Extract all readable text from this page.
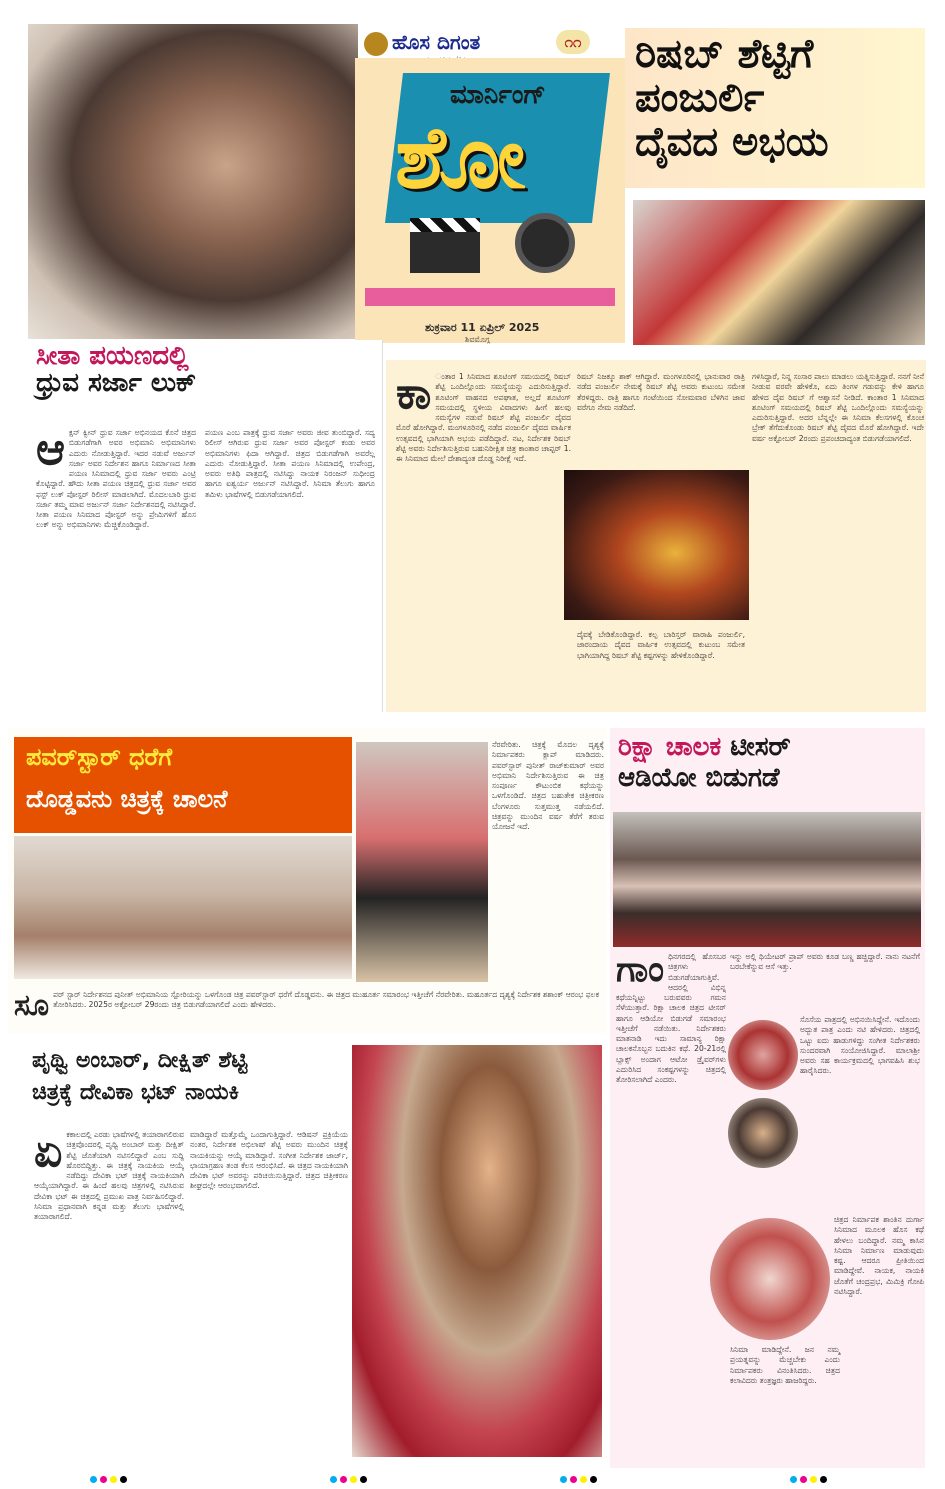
ಹೊಸ ದಿಗಂತ
ಮಾರ್ನಿಂಗ್
ಶೋ
ಶುಕ್ರವಾರ 11 ಏಪ್ರಿಲ್ 2025
ಶಿವಮೊಗ್ಗ
೧೧ ರಿಷಬ್ ಶೆಟ್ಟಿಗೆ
ಪಂಜುರ್ಲಿ
ದೈವದ ಅಭಯ
ಸೀತಾ ಪಯಣದಲ್ಲಿ
ಧ್ರುವ ಸರ್ಜಾ ಲುಕ್
ಆ ಕ್ಷನ್ ಕ್ವೀನ್ ಧ್ರುವ ಸರ್ಜಾ ಅಭಿನಯದ ಕೊನೆ ಚಿತ್ರದ ಬಿಡುಗಡೆಗಾಗಿ ಅವರ ಅಭಿಮಾನಿ ಅಭಿಮಾನಿಗಳು ಎದುರು ನೋಡುತ್ತಿದ್ದಾರೆ. ಇದರ ನಡುವೆ ಅರ್ಜುನ್ ಸರ್ಜಾ ಅವರ ನಿರ್ದೇಶನ ಹಾಗೂ ನಿರ್ಮಾಣದ ಸೀತಾ ಪಯಣ ಸಿನಿಮಾದಲ್ಲಿ ಧ್ರುವ ಸರ್ಜಾ ಅವರು ಎಂಟ್ರಿ ಕೊಟ್ಟಿದ್ದಾರೆ. ಹೌದು ಸೀತಾ ಪಯಣ ಚಿತ್ರದಲ್ಲಿ ಧ್ರುವ ಸರ್ಜಾ ಅವರ ಫಸ್ಟ್ ಲುಕ್ ಪೋಸ್ಟರ್ ರಿಲೀಸ್ ಮಾಡಲಾಗಿದೆ. ಮೊದಲಬಾರಿ ಧ್ರುವ ಸರ್ಜಾ ತಮ್ಮ ಮಾವ ಅರ್ಜುನ್ ಸರ್ಜಾ ನಿರ್ದೇಶನದಲ್ಲಿ ನಟಿಸಿದ್ದಾರೆ. ಸೀತಾ ಪಯಣ ಸಿನಿಮಾದ ಪೋಸ್ಟರ್ ಅನ್ನು ಪ್ರೇಮಿಗಳಿಗೆ ಹೊಸ ಲುಕ್ ಅನ್ನು ಅಭಿಮಾನಿಗಳು ಮೆಚ್ಚಿಕೊಂಡಿದ್ದಾರೆ.
ಪಯಣ ಎಂಬ ಪಾತ್ರಕ್ಕೆ ಧ್ರುವ ಸರ್ಜಾ ಅವರು ಜೀವ ತುಂಬಿದ್ದಾರೆ. ಸದ್ಯ ರಿಲೀಸ್ ಆಗಿರುವ ಧ್ರುವ ಸರ್ಜಾ ಅವರ ಪೋಸ್ಟರ್ ಕಂಡು ಅವರ ಅಭಿಮಾನಿಗಳು ಫಿದಾ ಆಗಿದ್ದಾರೆ. ಚಿತ್ರದ ಬಿಡುಗಡೆಗಾಗಿ ಅವರೆಲ್ಲ ಎದುರು ನೋಡುತ್ತಿದ್ದಾರೆ. ಸೀತಾ ಪಯಣ ಸಿನಿಮಾದಲ್ಲಿ ಉಪೇಂದ್ರ, ಅವರು ಅತಿಥಿ ಪಾತ್ರದಲ್ಲಿ ನಟಿಸಿದ್ದು ನಾಯಕ ನಿರಂಜನ್ ಸುಧೀಂದ್ರ ಹಾಗೂ ಐಶ್ವರ್ಯ ಅರ್ಜುನ್ ನಟಿಸಿದ್ದಾರೆ. ಸಿನಿಮಾ ತೆಲುಗು ಹಾಗೂ ತಮಿಳು ಭಾಷೆಗಳಲ್ಲಿ ಬಿಡುಗಡೆಯಾಗಲಿದೆ.
ಕಾ ಂತಾರ 1 ಸಿನಿಮಾದ ಶೂಟಿಂಗ್ ಸಮಯದಲ್ಲಿ ರಿಷಬ್ ಶೆಟ್ಟಿ ಒಂದಿಲ್ಲೊಂದು ಸಮಸ್ಯೆಯನ್ನು ಎದುರಿಸುತ್ತಿದ್ದಾರೆ. ಶೂಟಿಂಗ್ ವಾಹನದ ಅಪಘಾತ, ಅಲ್ಲದೆ ಶೂಟಿಂಗ್ ಸಮಯದಲ್ಲಿ ಸ್ಥಳೀಯ ವಿವಾದಗಳು ಹೀಗೆ ಹಲವು ಸಮಸ್ಯೆಗಳ ನಡುವೆ ರಿಷಬ್ ಶೆಟ್ಟಿ ಪಂಜುರ್ಲಿ ದೈವದ ಮೊರೆ ಹೋಗಿದ್ದಾರೆ. ಮಂಗಳೂರಿನಲ್ಲಿ ನಡೆದ ಪಂಜುರ್ಲಿ ದೈವದ ವಾರ್ಷಿಕ ಉತ್ಸವದಲ್ಲಿ ಭಾಗಿಯಾಗಿ ಅಭಯ ಪಡೆದಿದ್ದಾರೆ. ನಟ, ನಿರ್ದೇಶಕ ರಿಷಬ್ ಶೆಟ್ಟಿ ಅವರು ನಿರ್ದೇಶಿಸುತ್ತಿರುವ ಬಹುನಿರೀಕ್ಷಿತ ಚಿತ್ರ ಕಾಂತಾರ ಚಾಪ್ಟರ್ 1. ಈ ಸಿನಿಮಾದ ಮೇಲೆ ದೇಶಾದ್ಯಂತ ದೊಡ್ಡ ನಿರೀಕ್ಷೆ ಇದೆ.
ರಿಷಬ್ ನಿಜಕ್ಕೂ ಶಾಕ್ ಆಗಿದ್ದಾರೆ. ಮಂಗಳೂರಿನಲ್ಲಿ ಭಾನುವಾರ ರಾತ್ರಿ ನಡೆದ ಪಂಜುರ್ಲಿ ನೇಮಕ್ಕೆ ರಿಷಬ್ ಶೆಟ್ಟಿ ಅವರು ಕುಟುಂಬ ಸಮೇತ ತೆರಳಿದ್ದರು. ರಾತ್ರಿ ಹಾಗೂ ಗಂಟೆಯಿಂದ ಸೋಮವಾರ ಬೆಳಿಗಿನ ಜಾವ ವರೆಗೂ ನೇಮ ನಡೆದಿದೆ.
ದೈವಕ್ಕೆ ಬೇಡಿಕೊಂಡಿದ್ದಾರೆ. ಕಲ್ಪ ಬಾರಿಸ್ತರ್ ವಾರಾಹಿ ಪಂಜುರ್ಲಿ, ಜಾರಂದಾಯ ದೈವದ ವಾರ್ಷಿಕ ಉತ್ಸವದಲ್ಲಿ ಕುಟುಂಬ ಸಮೇತ ಭಾಗಿಯಾಗಿದ್ದ ರಿಷಬ್ ಶೆಟ್ಟಿ ಕಷ್ಟಗಳನ್ನು ಹೇಳಿಕೊಂಡಿದ್ದಾರೆ.
ಗಳಿಸಿದ್ದಾರೆ, ನಿನ್ನ ಸಂಸಾರ ಪಾಲು ಮಾಡಲು ಯತ್ನಿಸುತ್ತಿದ್ದಾರೆ. ನನಗೆ ನೀನೆ ನೀಡುವ ವರವೇ ಹೇಳಿಕೊ, ಏದು ತಿಂಗಳ ಗಡುವನ್ನು ಕೇಳಿ ಹಾಗೂ ಹೇಳಿದ ದೈವ ರಿಷಬ್ ಗೆ ಆಶ್ವಾಸನೆ ನೀಡಿದೆ. ಕಾಂತಾರ 1 ಸಿನಿಮಾದ ಶೂಟಿಂಗ್ ಸಮಯದಲ್ಲಿ ರಿಷಬ್ ಶೆಟ್ಟಿ ಒಂದಿಲ್ಲೊಂದು ಸಮಸ್ಯೆಯನ್ನು ಎದುರಿಸುತ್ತಿದ್ದಾರೆ. ಅದರ ಬೆನ್ನಲ್ಲೇ ಈ ಸಿನಿಮಾ ಕೆಲಸಗಳಲ್ಲಿ ಕೊಂಚ ಬ್ರೇಕ್ ತೆಗೆದುಕೊಂಡು ರಿಷಬ್ ಶೆಟ್ಟಿ ದೈವದ ಮೊರೆ ಹೋಗಿದ್ದಾರೆ. ಇದೇ ವರ್ಷ ಅಕ್ಟೋಬರ್ 2ರಂದು ಪ್ರಪಂಚದಾದ್ಯಂತ ಬಿಡುಗಡೆಯಾಗಲಿದೆ.
ಪವರ್‌ಸ್ಟಾರ್ ಧರೆಗೆ
ದೊಡ್ಡವನು ಚಿತ್ರಕ್ಕೆ ಚಾಲನೆ
ನೆರವೇರಿತು. ಚಿತ್ರಕ್ಕೆ ಮೊದಲ ದೃಶ್ಯಕ್ಕೆ ನಿರ್ಮಾಪಕರು ಕ್ಲಾಪ್ ಮಾಡಿದರು. ಪವರ್‌ಸ್ಟಾರ್ ಪುನೀತ್ ರಾಜ್‌ಕುಮಾರ್ ಅವರ ಅಭಿಮಾನಿ ನಿರ್ದೇಶಿಸುತ್ತಿರುವ ಈ ಚಿತ್ರ ಸಂಪೂರ್ಣ ಕೌಟುಂಬಿಕ ಕಥೆಯನ್ನು ಒಳಗೊಂಡಿದೆ. ಚಿತ್ರದ ಬಹುತೇಕ ಚಿತ್ರೀಕರಣ ಬೆಂಗಳೂರು ಸುತ್ತಮುತ್ತ ನಡೆಯಲಿದೆ. ಚಿತ್ರವನ್ನು ಮುಂದಿನ ವರ್ಷ ತೆರೆಗೆ ತರುವ ಯೋಜನೆ ಇದೆ.
ಸೂ ಪರ್ ಸ್ಟಾರ್ ನಿರ್ದೇಶನದ ಪುನೀತ್ ಅಭಿಮಾನಿಯ ಸ್ಟೋರಿಯನ್ನು ಒಳಗೊಂಡ ಚಿತ್ರ ಪವರ್‌ಸ್ಟಾರ್ ಧರೆಗೆ ದೊಡ್ಡವನು. ಈ ಚಿತ್ರದ ಮುಹೂರ್ತ ಸಮಾರಂಭ ಇತ್ತೀಚೆಗೆ ನೆರವೇರಿತು. ಮಹೂರ್ತದ ದೃಶ್ಯಕ್ಕೆ ನಿರ್ದೇಶಕ ಶಶಾಂಕ್ ಆರಂಭ ಫಲಕ ತೋರಿಸಿದರು. 2025ರ ಅಕ್ಟೋಬರ್ 29ರಂದು ಚಿತ್ರ ಬಿಡುಗಡೆಯಾಗಲಿದೆ ಎಂದು ಹೇಳಿದರು.
ರಿಕ್ಷಾ ಚಾಲಕ ಟೀಸರ್
ಆಡಿಯೋ ಬಿಡುಗಡೆ
ಗಾಂ ಧಿನಗರದಲ್ಲಿ ಹೊಸಬರ ಚಿತ್ರಗಳು ಬಿಡುಗಡೆಯಾಗುತ್ತಿವೆ. ಆದರಲ್ಲಿ ವಿಭಿನ್ನ ಕಥೆಯನ್ನಿಟ್ಟು ಬರುವವರು ಗಮನ ಸೆಳೆಯುತ್ತಾರೆ. ರಿಕ್ಷಾ ಚಾಲಕ ಚಿತ್ರದ ಟೀಸರ್ ಹಾಗೂ ಆಡಿಯೋ ಬಿಡುಗಡೆ ಸಮಾರಂಭ ಇತ್ತೀಚೆಗೆ ನಡೆಯಿತು. ನಿರ್ದೇಶಕರು ಮಾತನಾಡಿ ಇದು ಸಾಮಾನ್ಯ ರಿಕ್ಷಾ ಚಾಲಕನೊಬ್ಬನ ಬದುಕಿನ ಕಥೆ. 20-21ರಲ್ಲಿ ಬ್ಲಾಕ್ಸ್ ಅಂದಾಗ ಆಟೋ ಡ್ರೈವರ್‌ಗಳು ಎದುರಿಸಿದ ಸಂಕಷ್ಟಗಳನ್ನು ಚಿತ್ರದಲ್ಲಿ ತೋರಿಸಲಾಗಿದೆ ಎಂದರು.
ಇನ್ನು ಅಲ್ಲಿ ಥಿಯೇಟರ್ ಪ್ರಾಪ್ ಅವರು ಕೂಡ ಬಣ್ಣ ಹಚ್ಚಿದ್ದಾರೆ. ನಾನು ನಟನೆಗೆ ಬರಬೇಕೆನ್ನುವ ಆಸೆ ಇತ್ತು.
ಸೊಸೆಯ ಪಾತ್ರದಲ್ಲಿ ಅಭಿನಯಿಸಿದ್ದೇನೆ. ಇದೊಂದು ಅದ್ಭುತ ಪಾತ್ರ ಎಂದು ನಟಿ ಹೇಳಿದರು. ಚಿತ್ರದಲ್ಲಿ ಒಟ್ಟು ಐದು ಹಾಡುಗಳಿದ್ದು ಸಂಗೀತ ನಿರ್ದೇಶಕರು ಸುಂದರವಾಗಿ ಸಂಯೋಜಿಸಿದ್ದಾರೆ. ಮಾಲಾಶ್ರೀ ಅವರು ಸಹ ಕಾರ್ಯಕ್ರಮದಲ್ಲಿ ಭಾಗವಹಿಸಿ ಶುಭ ಹಾರೈಸಿದರು.
ಸಿನಿಮಾ ಮಾಡಿದ್ದೇನೆ. ಜನ ನಮ್ಮ ಪ್ರಯತ್ನವನ್ನು ಮೆಚ್ಚಬೇಕು ಎಂದು ನಿರ್ಮಾಪಕರು ವಿನಂತಿಸಿದರು. ಚಿತ್ರದ ಕಲಾವಿದರು ತಂತ್ರಜ್ಞರು ಹಾಜರಿದ್ದರು.
ಚಿತ್ರದ ನಿರ್ಮಾಪಕ ಶಾಂತಿನ ದುರ್ಗಾ ಸಿನಿಮಾದ ಮೂಲಕ ಹೊಸ ಕಥೆ ಹೇಳಲು ಬಂದಿದ್ದಾರೆ. ನಮ್ಮ ಕಾಸಿನ ಸಿನಿಮಾ ನಿರ್ಮಾಣ ಮಾಡುವುದು ಕಷ್ಟ. ಆದರೂ ಪ್ರೀತಿಯಿಂದ ಮಾಡಿದ್ದೇವೆ. ನಾಯಕ, ನಾಯಕಿ ಜೊತೆಗೆ ಚಂದ್ರಪ್ರಭ, ಮಿಮಿಕ್ರಿ ಗೋಪಿ ನಟಿಸಿದ್ದಾರೆ.
ಪೃಥ್ವಿ ಅಂಬಾರ್, ದೀಕ್ಷಿತ್ ಶೆಟ್ಟಿ
ಚಿತ್ರಕ್ಕೆ ದೇವಿಕಾ ಭಟ್ ನಾಯಕಿ
ಏ ಕಕಾಲದಲ್ಲಿ ಎರಡು ಭಾಷೆಗಳಲ್ಲಿ ತಯಾರಾಗಲಿರುವ ಚಿತ್ರವೊಂದರಲ್ಲಿ ಪೃಥ್ವಿ ಅಂಬಾರ್ ಮತ್ತು ದೀಕ್ಷಿತ್ ಶೆಟ್ಟಿ ಜೊತೆಯಾಗಿ ನಟಿಸಲಿದ್ದಾರೆ ಎಂಬ ಸುದ್ದಿ ಹೊರಬಿದ್ದಿತ್ತು. ಈ ಚಿತ್ರಕ್ಕೆ ನಾಯಕಿಯ ಆಯ್ಕೆ ನಡೆದಿದ್ದು ದೇವಿಕಾ ಭಟ್ ಚಿತ್ರಕ್ಕೆ ನಾಯಕಿಯಾಗಿ ಆಯ್ಕೆಯಾಗಿದ್ದಾರೆ. ಈ ಹಿಂದೆ ಹಲವು ಚಿತ್ರಗಳಲ್ಲಿ ನಟಿಸಿರುವ ದೇವಿಕಾ ಭಟ್ ಈ ಚಿತ್ರದಲ್ಲಿ ಪ್ರಮುಖ ಪಾತ್ರ ನಿರ್ವಹಿಸಲಿದ್ದಾರೆ. ಸಿನಿಮಾ ಪ್ರಧಾನವಾಗಿ ಕನ್ನಡ ಮತ್ತು ತೆಲುಗು ಭಾಷೆಗಳಲ್ಲಿ ತಯಾರಾಗಲಿದೆ.
ಮಾಡಿದ್ದಾರೆ ಮತ್ತೊಮ್ಮೆ ಒಂದಾಗುತ್ತಿದ್ದಾರೆ. ಆಡಿಷನ್ ಪ್ರಕ್ರಿಯೆಯ ನಂತರ, ನಿರ್ದೇಶಕ ಅಭಿಲಾಷ್ ಶೆಟ್ಟಿ ಅವರು ಮುಂದಿನ ಚಿತ್ರಕ್ಕೆ ನಾಯಕಿಯನ್ನು ಆಯ್ಕೆ ಮಾಡಿದ್ದಾರೆ. ಸಂಗೀತ ನಿರ್ದೇಶಕ ಜಾರ್ಜ್, ಛಾಯಾಗ್ರಹಣ ತಂಡ ಕೆಲಸ ಆರಂಭಿಸಿದೆ. ಈ ಚಿತ್ರದ ನಾಯಕಿಯಾಗಿ ದೇವಿಕಾ ಭಟ್ ಅವರನ್ನು ಪರಿಚಯಿಸುತ್ತಿದ್ದಾರೆ. ಚಿತ್ರದ ಚಿತ್ರೀಕರಣ ಶೀಘ್ರದಲ್ಲೇ ಆರಂಭವಾಗಲಿದೆ.
